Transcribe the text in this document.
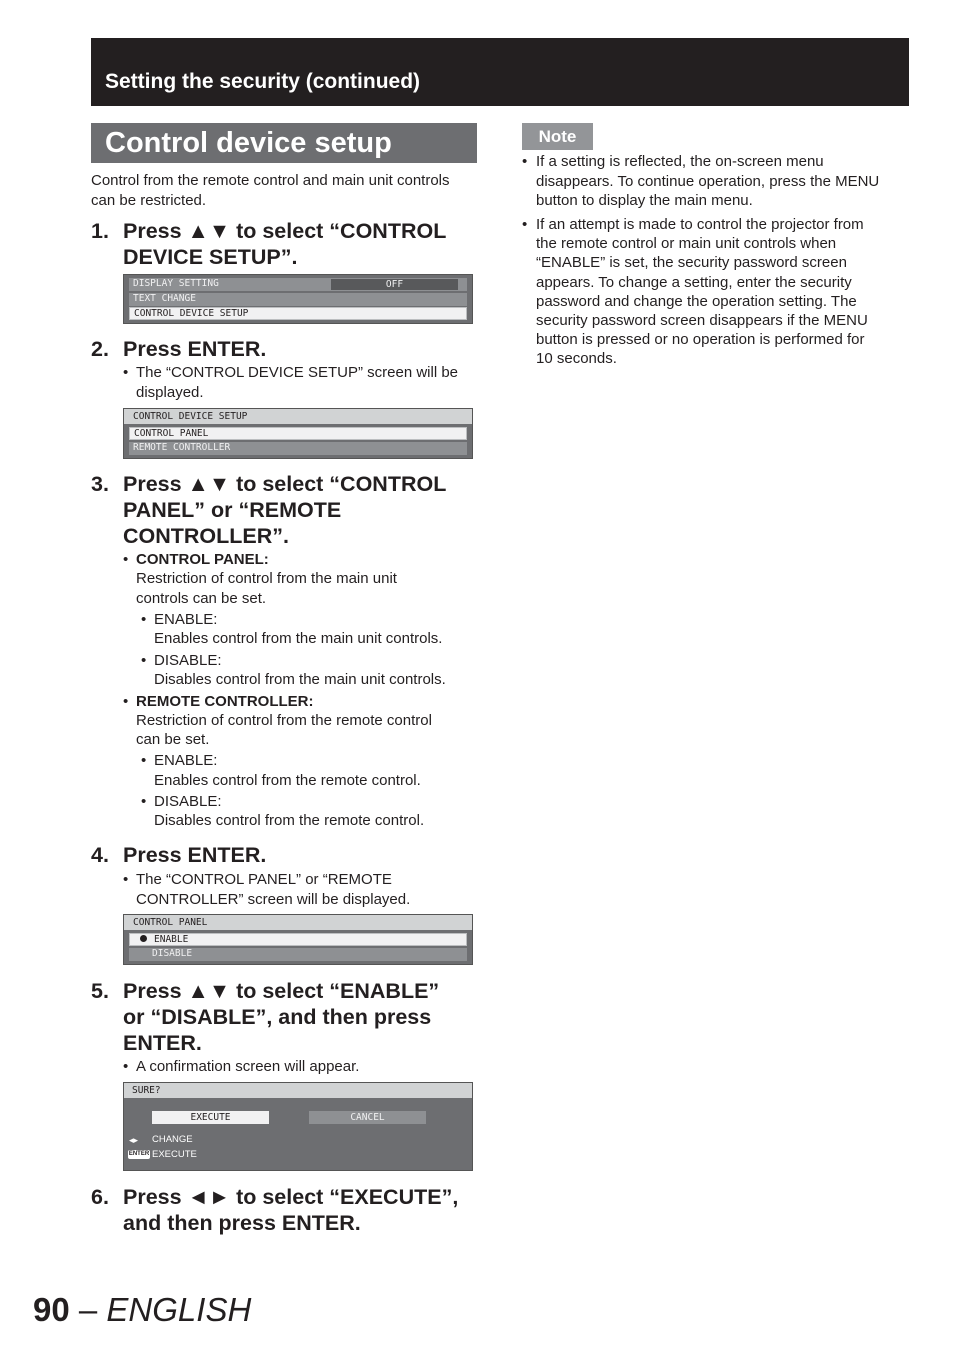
Setting the security (continued)
Control device setup
Control from the remote control and main unit controls can be restricted.
1. Press ▲▼ to select “CONTROL
DEVICE SETUP”.
DISPLAY SETTING	OFF
TEXT CHANGE
CONTROL DEVICE SETUP
2. Press ENTER.
• The “CONTROL DEVICE SETUP” screen will be
displayed.
CONTROL DEVICE SETUP
CONTROL PANEL
REMOTE CONTROLLER
3. Press ▲▼ to select “CONTROL
PANEL” or “REMOTE
CONTROLLER”.
• CONTROL PANEL:
Restriction of control from the main unit
controls can be set.
• ENABLE:
Enables control from the main unit controls.
• DISABLE:
Disables control from the main unit controls.
• REMOTE CONTROLLER:
Restriction of control from the remote control
can be set.
• ENABLE:
Enables control from the remote control.
• DISABLE:
Disables control from the remote control.
4. Press ENTER.
• The “CONTROL PANEL” or “REMOTE
CONTROLLER” screen will be displayed.
CONTROL PANEL
ENABLE
DISABLE
5. Press ▲▼ to select “ENABLE”
or “DISABLE”, and then press
ENTER.
• A confirmation screen will appear.
SURE?
EXECUTE	CANCEL
◂▸ CHANGE
ENTER EXECUTE
6. Press ◄► to select “EXECUTE”,
and then press ENTER.
Note
• If a setting is reflected, the on-screen menu
disappears. To continue operation, press the MENU
button to display the main menu.
• If an attempt is made to control the projector from
the remote control or main unit controls when
“ENABLE” is set, the security password screen
appears. To change a setting, enter the security
password and change the operation setting. The
security password screen disappears if the MENU
button is pressed or no operation is performed for
10 seconds.
90 – ENGLISH
